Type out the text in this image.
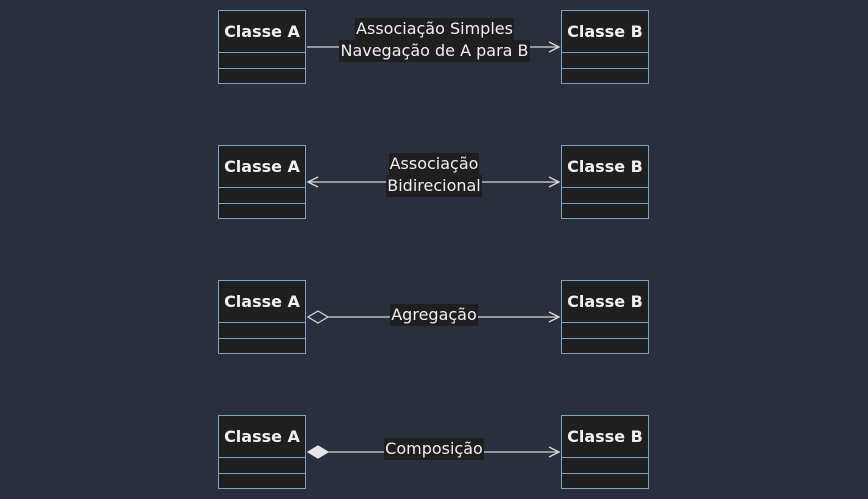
Classe A	Classe B
Associação Simples
Navegação de A para B
Classe A	Classe B
Associação
Bidirecional
Classe A	Classe B
Agregação
Classe A	Classe B
Composição
